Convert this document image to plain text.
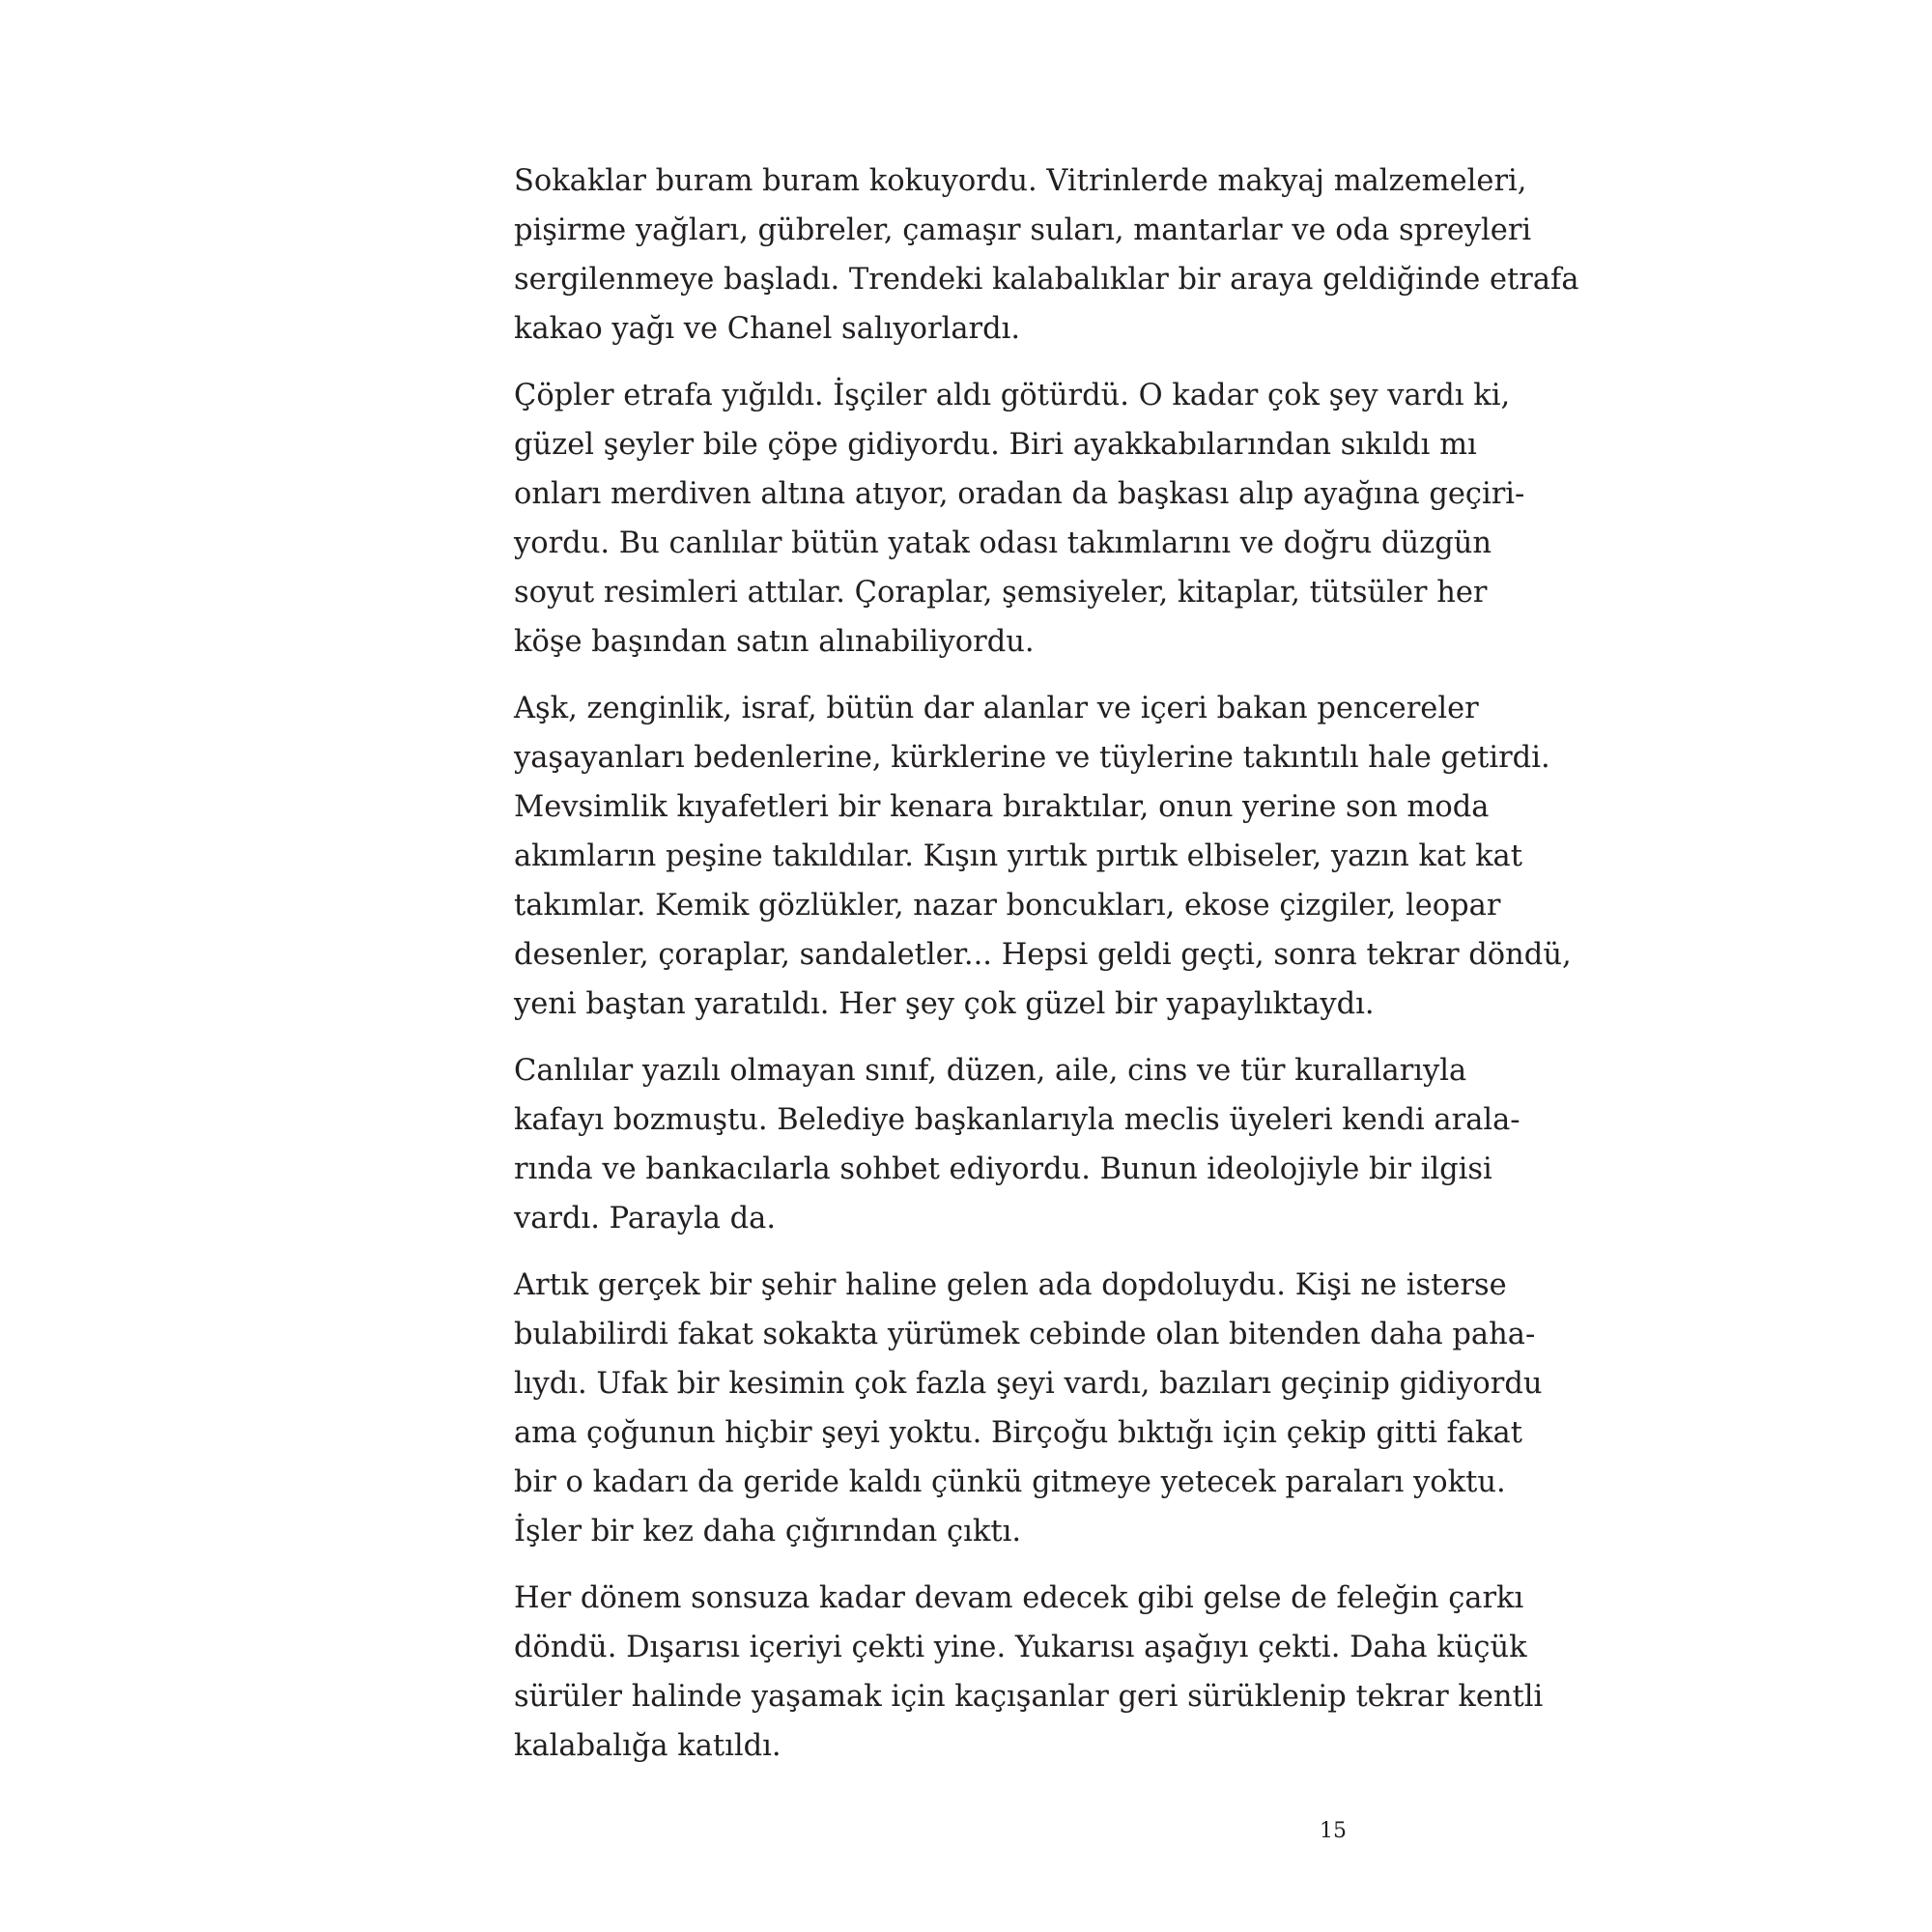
Sokaklar buram buram kokuyordu. Vitrinlerde makyaj malzemeleri,
pişirme yağları, gübreler, çamaşır suları, mantarlar ve oda spreyleri
sergilenmeye başladı. Trendeki kalabalıklar bir araya geldiğinde etrafa
kakao yağı ve Chanel salıyorlardı.

Çöpler etrafa yığıldı. İşçiler aldı götürdü. O kadar çok şey vardı ki,
güzel şeyler bile çöpe gidiyordu. Biri ayakkabılarından sıkıldı mı
onları merdiven altına atıyor, oradan da başkası alıp ayağına geçiri-
yordu. Bu canlılar bütün yatak odası takımlarını ve doğru düzgün
soyut resimleri attılar. Çoraplar, şemsiyeler, kitaplar, tütsüler her
köşe başından satın alınabiliyordu.

Aşk, zenginlik, israf, bütün dar alanlar ve içeri bakan pencereler
yaşayanları bedenlerine, kürklerine ve tüylerine takıntılı hale getirdi.
Mevsimlik kıyafetleri bir kenara bıraktılar, onun yerine son moda
akımların peşine takıldılar. Kışın yırtık pırtık elbiseler, yazın kat kat
takımlar. Kemik gözlükler, nazar boncukları, ekose çizgiler, leopar
desenler, çoraplar, sandaletler... Hepsi geldi geçti, sonra tekrar döndü,
yeni baştan yaratıldı. Her şey çok güzel bir yapaylıktaydı.

Canlılar yazılı olmayan sınıf, düzen, aile, cins ve tür kurallarıyla
kafayı bozmuştu. Belediye başkanlarıyla meclis üyeleri kendi arala-
rında ve bankacılarla sohbet ediyordu. Bunun ideolojiyle bir ilgisi
vardı. Parayla da.

Artık gerçek bir şehir haline gelen ada dopdoluydu. Kişi ne isterse
bulabilirdi fakat sokakta yürümek cebinde olan bitenden daha paha-
lıydı. Ufak bir kesimin çok fazla şeyi vardı, bazıları geçinip gidiyordu
ama çoğunun hiçbir şeyi yoktu. Birçoğu bıktığı için çekip gitti fakat
bir o kadarı da geride kaldı çünkü gitmeye yetecek paraları yoktu.
İşler bir kez daha çığırından çıktı.

Her dönem sonsuza kadar devam edecek gibi gelse de feleğin çarkı
döndü. Dışarısı içeriyi çekti yine. Yukarısı aşağıyı çekti. Daha küçük
sürüler halinde yaşamak için kaçışanlar geri sürüklenip tekrar kentli
kalabalığa katıldı.

15
